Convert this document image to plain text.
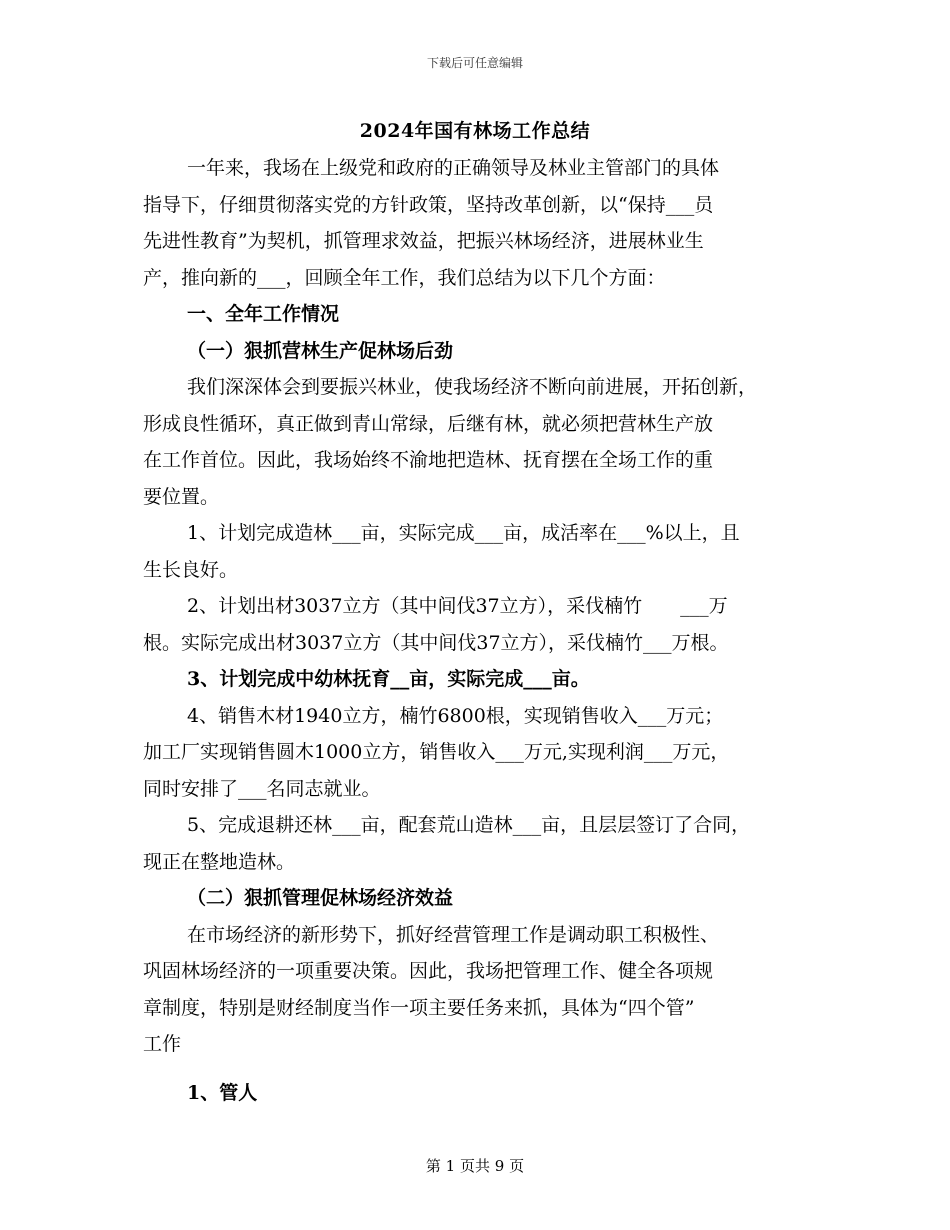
下载后可任意编辑
2024年国有林场工作总结
一年来，我场在上级党和政府的正确领导及林业主管部门的具体
指导下，仔细贯彻落实党的方针政策，坚持改革创新，以“保持___员
先进性教育”为契机，抓管理求效益，把振兴林场经济，进展林业生
产，推向新的___，回顾全年工作，我们总结为以下几个方面：
一、全年工作情况
（一）狠抓营林生产促林场后劲
我们深深体会到要振兴林业，使我场经济不断向前进展，开拓创新，
形成良性循环，真正做到青山常绿，后继有林，就必须把营林生产放
在工作首位。因此，我场始终不渝地把造林、抚育摆在全场工作的重
要位置。
1、计划完成造林___亩，实际完成___亩，成活率在___%以上，且
生长良好。
2、计划出材3037立方（其中间伐37立方），采伐楠竹　　___万
根。实际完成出材3037立方（其中间伐37立方），采伐楠竹___万根。
3、计划完成中幼林抚育__亩，实际完成___亩。
4、销售木材1940立方，楠竹6800根，实现销售收入___万元；
加工厂实现销售圆木1000立方，销售收入___万元,实现利润___万元，
同时安排了___名同志就业。
5、完成退耕还林___亩，配套荒山造林___亩，且层层签订了合同，
现正在整地造林。
（二）狠抓管理促林场经济效益
在市场经济的新形势下，抓好经营管理工作是调动职工积极性、
巩固林场经济的一项重要决策。因此，我场把管理工作、健全各项规
章制度，特别是财经制度当作一项主要任务来抓，具体为“四个管”
工作
1、管人
第 1 页共 9 页
